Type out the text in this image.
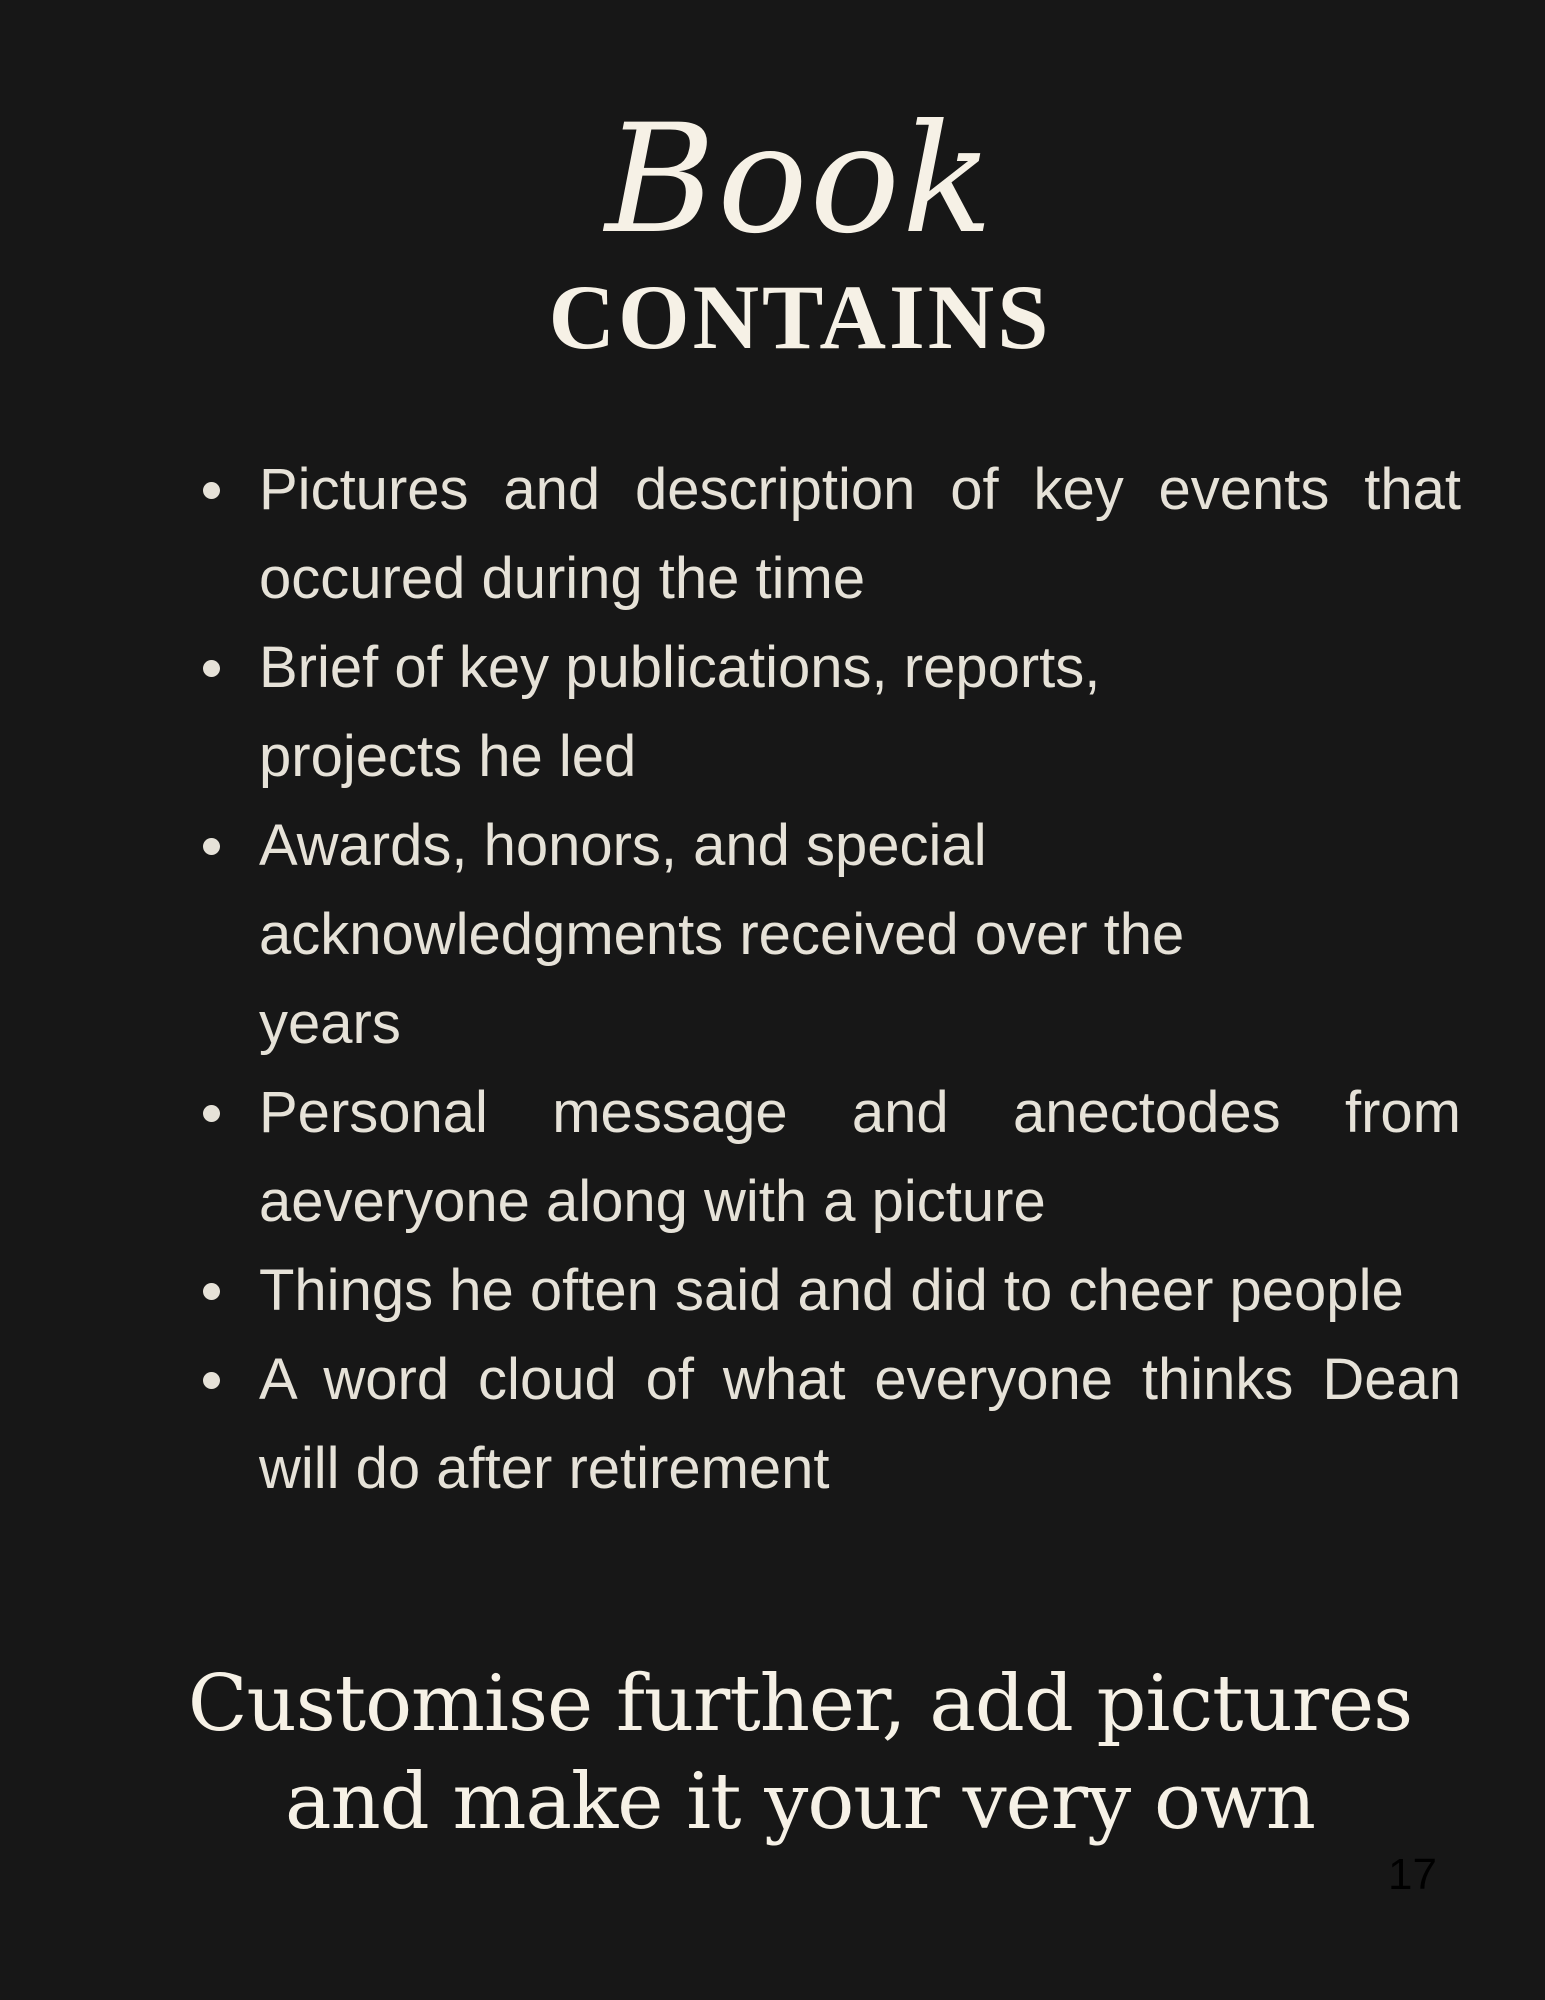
Book
CONTAINS
Pictures and description of key events that occured during the time
Brief of key publications, reports, projects he led
Awards, honors, and special acknowledgments received over the years
Personal message and anectodes from aeveryone along with a picture
Things he often said and did to cheer people
A word cloud of what everyone thinks Dean will do after retirement
Customise further, add pictures
and make it your very own
17
